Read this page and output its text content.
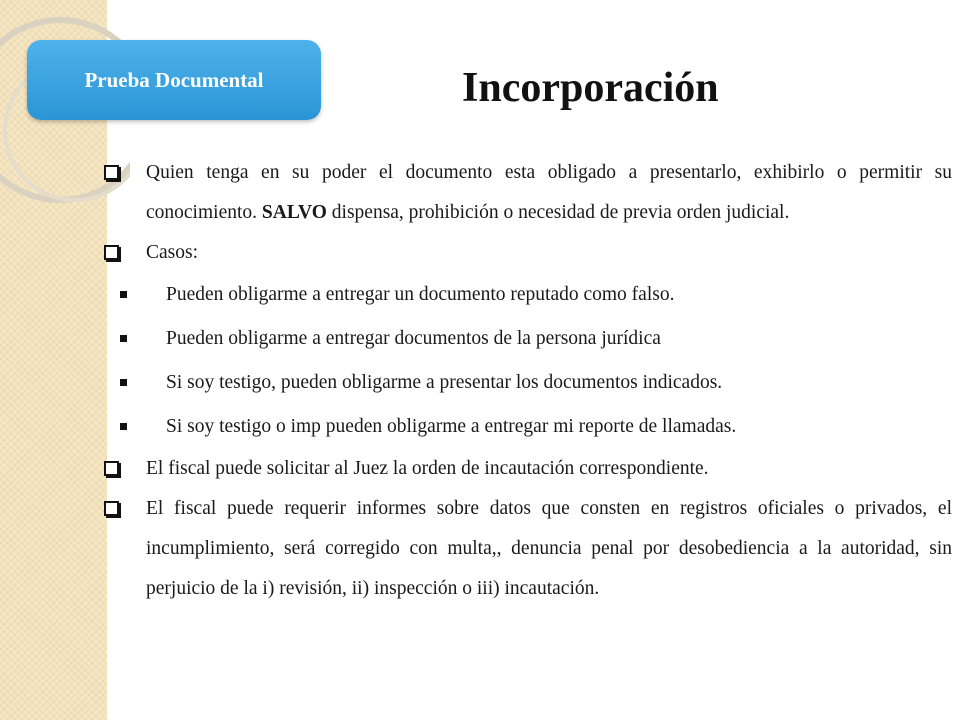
Prueba Documental	Incorporación
Quien tenga en su poder el documento esta obligado a presentarlo, exhibirlo o permitir su conocimiento. SALVO dispensa, prohibición o necesidad de previa orden judicial.
Casos:
Pueden obligarme a entregar un documento reputado como falso.
Pueden obligarme a entregar documentos de la persona jurídica
Si soy testigo, pueden obligarme a presentar los documentos indicados.
Si soy testigo o imp pueden obligarme a entregar mi reporte de llamadas.
El fiscal puede solicitar al Juez la orden de incautación correspondiente.
El fiscal puede requerir informes sobre datos que consten en registros oficiales o privados, el incumplimiento, será corregido con multa,, denuncia penal por desobediencia a la autoridad, sin perjuicio de la i) revisión, ii) inspección o iii) incautación.
